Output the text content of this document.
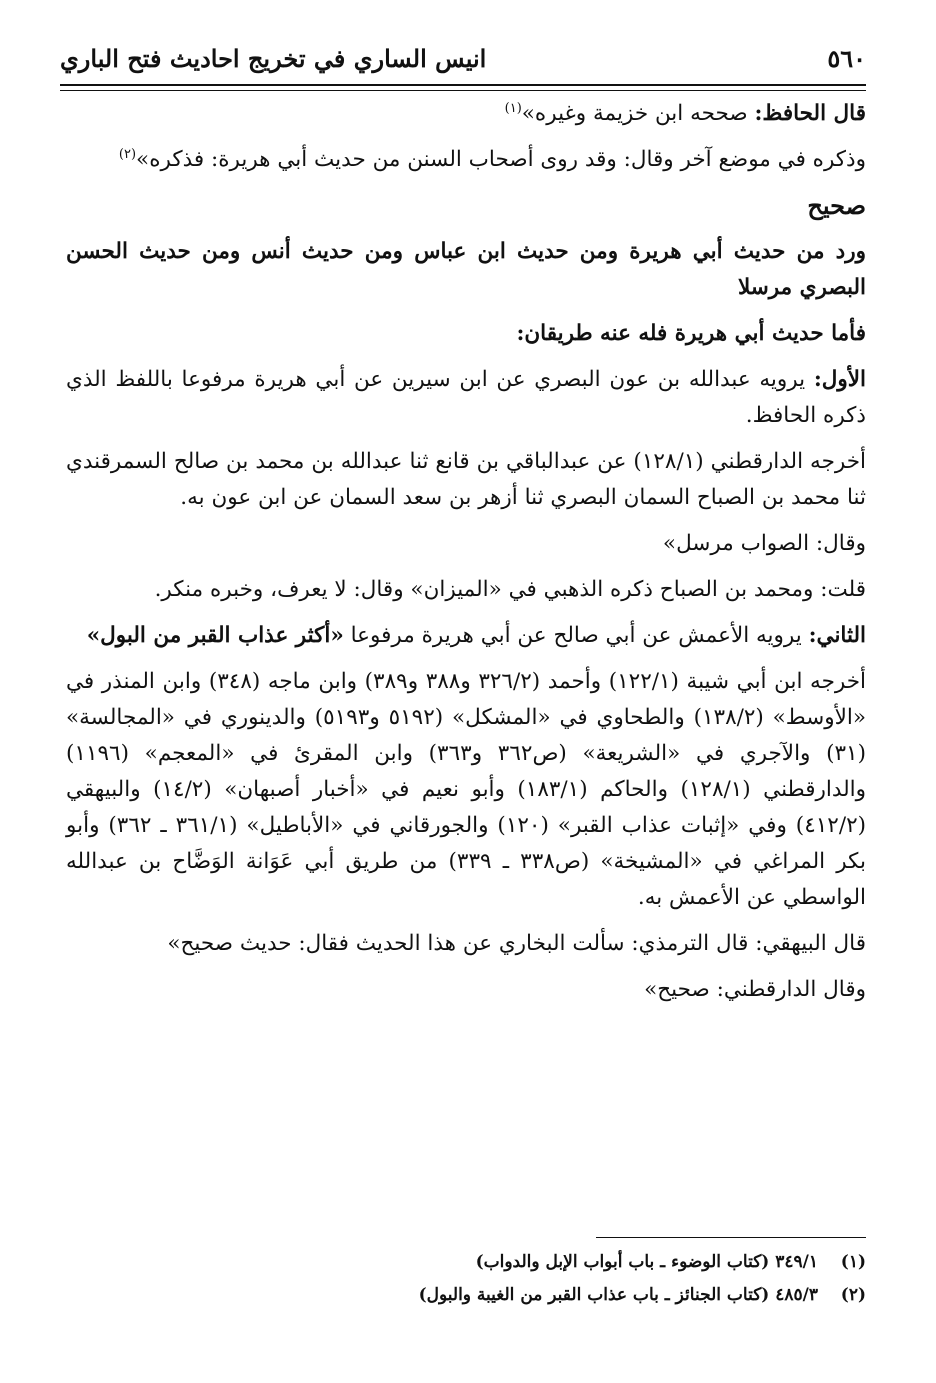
٥٦٠
انيس الساري في تخريج احاديث فتح الباري

قال الحافظ: صححه ابن خزيمة وغيره»$^{(١)}$

وذكره في موضع آخر وقال: وقد روى أصحاب السنن من حديث أبي هريرة: فذكره»$^{(٢)}$

صحيح

ورد من حديث أبي هريرة ومن حديث ابن عباس ومن حديث أنس ومن حديث الحسن البصري مرسلا

فأما حديث أبي هريرة فله عنه طريقان:

الأول: يرويه عبدالله بن عون البصري عن ابن سيرين عن أبي هريرة مرفوعا باللفظ الذي ذكره الحافظ.

أخرجه الدارقطني (١٢٨/١) عن عبدالباقي بن قانع ثنا عبدالله بن محمد بن صالح السمرقندي ثنا محمد بن الصباح السمان البصري ثنا أزهر بن سعد السمان عن ابن عون به.

وقال: الصواب مرسل»

قلت: ومحمد بن الصباح ذكره الذهبي في «الميزان» وقال: لا يعرف، وخبره منكر.

الثاني: يرويه الأعمش عن أبي صالح عن أبي هريرة مرفوعا «أكثر عذاب القبر من البول»

أخرجه ابن أبي شيبة (١٢٢/١) وأحمد (٣٢٦/٢ و٣٨٨ و٣٨٩) وابن ماجه (٣٤٨) وابن المنذر في «الأوسط» (١٣٨/٢) والطحاوي في «المشكل» (٥١٩٢ و٥١٩٣) والدينوري في «المجالسة» (٣١) والآجري في «الشريعة» (ص٣٦٢ و٣٦٣) وابن المقرئ في «المعجم» (١١٩٦) والدارقطني (١٢٨/١) والحاكم (١٨٣/١) وأبو نعيم في «أخبار أصبهان» (١٤/٢) والبيهقي (٤١٢/٢) وفي «إثبات عذاب القبر» (١٢٠) والجورقاني في «الأباطيل» (٣٦١/١ ـ ٣٦٢) وأبو بكر المراغي في «المشيخة» (ص٣٣٨ ـ ٣٣٩) من طريق أبي عَوَانة الوَضَّاح بن عبدالله الواسطي عن الأعمش به.

قال البيهقي: قال الترمذي: سألت البخاري عن هذا الحديث فقال: حديث صحيح»

وقال الدارقطني: صحيح»

(١)
٣٤٩/١ (كتاب الوضوء ـ باب أبواب الإبل والدواب)
(٢)
٤٨٥/٣ (كتاب الجنائز ـ باب عذاب القبر من الغيبة والبول)
